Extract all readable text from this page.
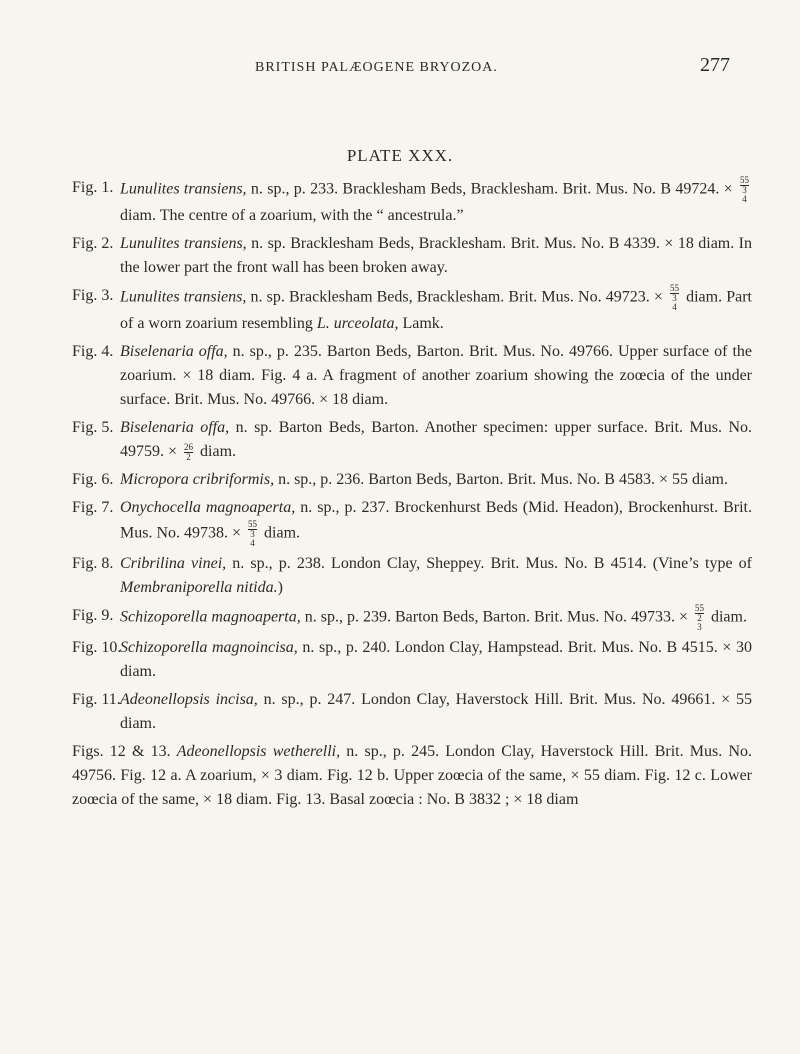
BRITISH PALÆOGENE BRYOZOA.	277
PLATE XXX.
Fig. 1. Lunulites transiens, n. sp., p. 233. Bracklesham Beds, Bracklesham. Brit. Mus. No. B 49724. ×
55
3
4
diam. The centre of a zoarium, with the “ ancestrula.”
Fig. 2. Lunulites transiens, n. sp. Bracklesham Beds, Bracklesham. Brit. Mus. No. B 4339. × 18 diam. In the lower part the front wall has been broken away.
Fig. 3. Lunulites transiens, n. sp. Bracklesham Beds, Bracklesham. Brit. Mus. No. 49723. ×
55
3
4
diam. Part of a worn zoarium resembling L. urceolata, Lamk.
Fig. 4. Biselenaria offa, n. sp., p. 235. Barton Beds, Barton. Brit. Mus. No. 49766. Upper surface of the zoarium. × 18 diam. Fig. 4 a. A fragment of another zoarium showing the zoœcia of the under surface. Brit. Mus. No. 49766. × 18 diam.
Fig. 5. Biselenaria offa, n. sp. Barton Beds, Barton. Another specimen: upper surface. Brit. Mus. No. 49759. × $\frac{26}{2}$ diam.
Fig. 6. Micropora cribriformis, n. sp., p. 236. Barton Beds, Barton. Brit. Mus. No. B 4583. × 55 diam.
Fig. 7. Onychocella magnoaperta, n. sp., p. 237. Brockenhurst Beds (Mid. Headon), Brockenhurst. Brit. Mus. No. 49738. ×
55
3
4
diam.
Fig. 8. Cribrilina vinei, n. sp., p. 238. London Clay, Sheppey. Brit. Mus. No. B 4514. (Vine’s type of Membraniporella nitida.)
Fig. 9. Schizoporella magnoaperta, n. sp., p. 239. Barton Beds, Barton. Brit. Mus. No. 49733. ×
55
2
3
diam.
Fig. 10.
Schizoporella magnoincisa, n. sp., p. 240. London Clay, Hampstead. Brit. Mus. No. B 4515. × 30 diam.
Fig. 11. Adeonellopsis incisa, n. sp., p. 247. London Clay, Haverstock Hill. Brit. Mus. No. 49661. × 55 diam.
Figs. 12 & 13. Adeonellopsis wetherelli, n. sp., p. 245. London Clay, Haverstock Hill. Brit. Mus. No. 49756. Fig. 12 a. A zoarium, × 3 diam. Fig. 12 b. Upper zoœcia of the same, × 55 diam. Fig. 12 c. Lower zoœcia of the same, × 18 diam. Fig. 13. Basal zoœcia : No. B 3832 ; × 18 diam
